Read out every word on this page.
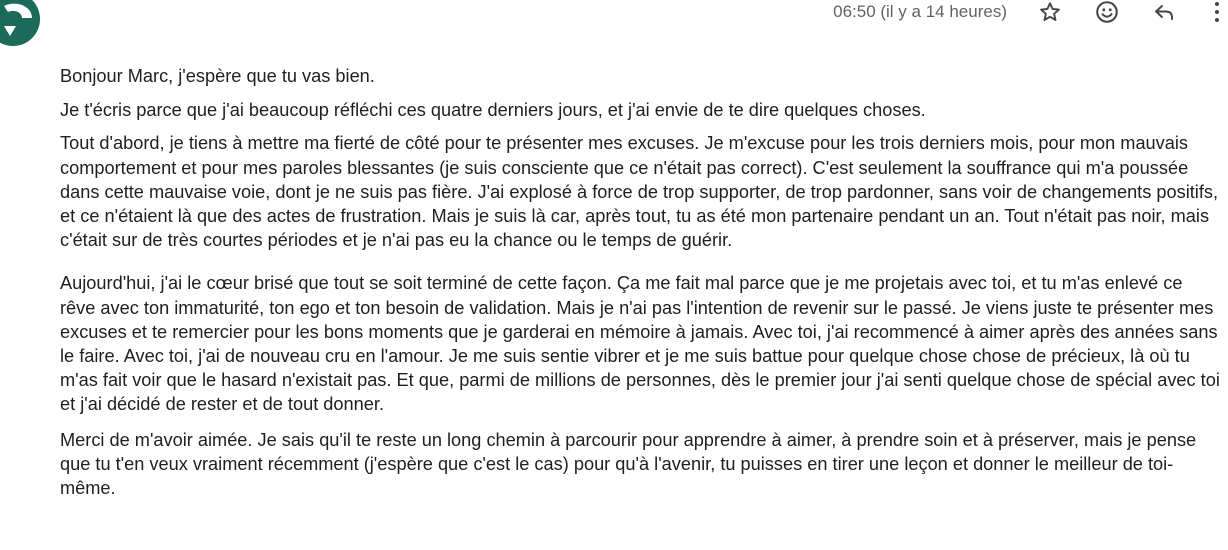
06:50 (il y a 14 heures)

Bonjour Marc, j'espère que tu vas bien.

Je t'écris parce que j'ai beaucoup réfléchi ces quatre derniers jours, et j'ai envie de te dire quelques choses.

Tout d'abord, je tiens à mettre ma fierté de côté pour te présenter mes excuses. Je m'excuse pour les trois derniers mois, pour mon mauvais comportement et pour mes paroles blessantes (je suis consciente que ce n'était pas correct). C'est seulement la souffrance qui m'a poussée dans cette mauvaise voie, dont je ne suis pas fière. J'ai explosé à force de trop supporter, de trop pardonner, sans voir de changements positifs, et ce n'étaient là que des actes de frustration. Mais je suis là car, après tout, tu as été mon partenaire pendant un an. Tout n'était pas noir, mais c'était sur de très courtes périodes et je n'ai pas eu la chance ou le temps de guérir.

Aujourd'hui, j'ai le cœur brisé que tout se soit terminé de cette façon. Ça me fait mal parce que je me projetais avec toi, et tu m'as enlevé ce rêve avec ton immaturité, ton ego et ton besoin de validation. Mais je n'ai pas l'intention de revenir sur le passé. Je viens juste te présenter mes excuses et te remercier pour les bons moments que je garderai en mémoire à jamais. Avec toi, j'ai recommencé à aimer après des années sans le faire. Avec toi, j'ai de nouveau cru en l'amour. Je me suis sentie vibrer et je me suis battue pour quelque chose chose de précieux, là où tu m'as fait voir que le hasard n'existait pas. Et que, parmi de millions de personnes, dès le premier jour j'ai senti quelque chose de spécial avec toi et j'ai décidé de rester et de tout donner.

Merci de m'avoir aimée. Je sais qu'il te reste un long chemin à parcourir pour apprendre à aimer, à prendre soin et à préserver, mais je pense que tu t'en veux vraiment récemment (j'espère que c'est le cas) pour qu'à l'avenir, tu puisses en tirer une leçon et donner le meilleur de toi-même.
